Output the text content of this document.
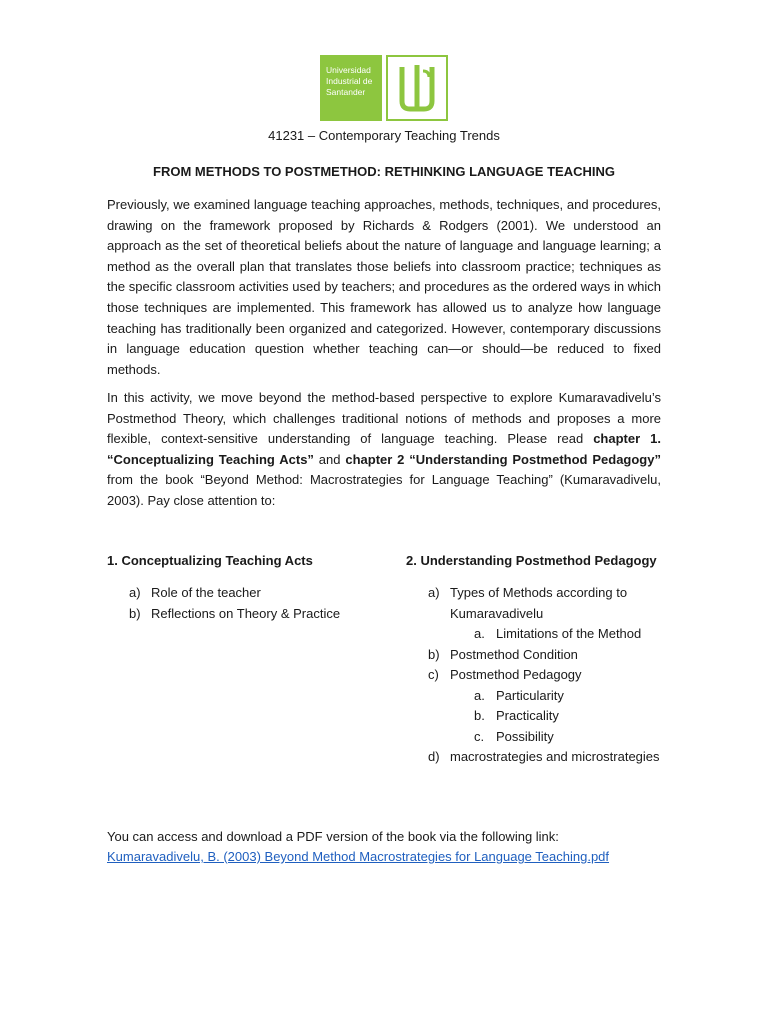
Universidad
Industrial de
Santander
41231 – Contemporary Teaching Trends
FROM METHODS TO POSTMETHOD: RETHINKING LANGUAGE TEACHING

Previously, we examined language teaching approaches, methods, techniques, and procedures, drawing on the framework proposed by Richards & Rodgers (2001). We understood an approach as the set of theoretical beliefs about the nature of language and language learning; a method as the overall plan that translates those beliefs into classroom practice; techniques as the specific classroom activities used by teachers; and procedures as the ordered ways in which those techniques are implemented. This framework has allowed us to analyze how language teaching has traditionally been organized and categorized. However, contemporary discussions in language education question whether teaching can—or should—be reduced to fixed methods.

In this activity, we move beyond the method-based perspective to explore Kumaravadivelu’s Postmethod Theory, which challenges traditional notions of methods and proposes a more flexible, context-sensitive understanding of language teaching. Please read chapter 1. “Conceptualizing Teaching Acts” and chapter 2 “Understanding Postmethod Pedagogy” from the book “Beyond Method: Macrostrategies for Language Teaching” (Kumaravadivelu, 2003). Pay close attention to:

1. Conceptualizing Teaching Acts	2. Understanding Postmethod Pedagogy
a) Role of the teacher
b) Reflections on Theory & Practice
a) Types of Methods according to Kumaravadivelu
a. Limitations of the Method
b) Postmethod Condition
c) Postmethod Pedagogy
a. Particularity
b. Practicality
c. Possibility
d) macrostrategies and microstrategies
You can access and download a PDF version of the book via the following link:
Kumaravadivelu, B. (2003) Beyond Method Macrostrategies for Language Teaching.pdf
